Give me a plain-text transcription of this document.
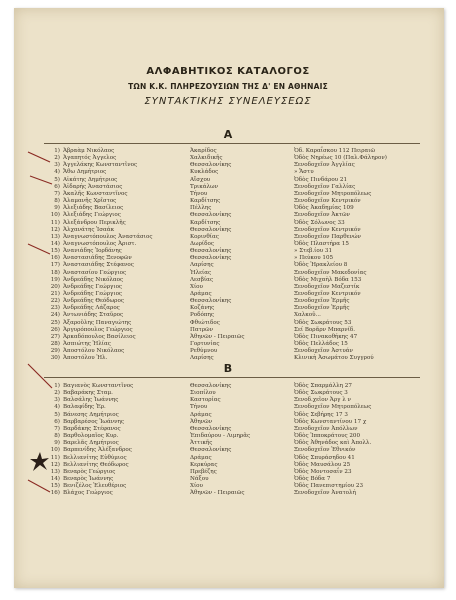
ΑΛΦΑΒΗΤΙΚΟΣ ΚΑΤΑΛΟΓΟΣ
ΤΩΝ Κ.Κ. ΠΛΗΡΕΖΟΥΣΙΩΝ ΤΗΣ Δ' ΕΝ ΑΘΗΝΑΙΣ
ΣΥΝΤΑΚΤΙΚΗΣ ΣΥΝΕΛΕΥΣΕΩΣ
Α
1) Ἀβραὰμ Νικόλαος	Ἀκαρίδος	Ὁδ. Καραΐσκου 112 Πειραιῶ
2) Ἀγαπητός Ἀγγελος	Χαλκιδικῆς	Ὁδὸς Νηρέως 10 (Παλ.Φάληρον)
3) Ἀγγελάκης Κωνσταντῖνος	Θεσσαλονίκης	Ξενοδοχεῖον Ἀγγλίας
4) Ἄθω Δημήτριος	Κυκλάδος	» Ἄστυ
5) Αἰκάτης Δημήτριος	Αἴσχου	Ὁδὸς Πινδάρου 21
6) Ἀϊδαρής Ἀναστάσιος	Τρικάλων	Ξενοδοχεῖον Γαλλίας
7) Ἀκαλῆς Κωνσταντῖνος	Τήνου	Ξενοδοχεῖον Μητροπόλεως
8) Ἀλαμανῆς Χρῖστος	Καρδίτσης	Ξενοδοχεῖον Κεντρικόν
9) Ἀλεξιάδης Βασίλειος	Πέλλης	Ὁδὸς Ἀκαδημίας 109
10) Ἀλεξιάδης Γεώργιος	Θεσσαλονίκης	Ξενοδοχεῖον Ἀκτῶν
11) Ἀλεξάνδρου Περικλῆς	Καρδίτσης	Ὁδὸς Σόλωνος 33
12) Ἀλχανάτης Ἰσαάκ	Θεσσαλονίκης	Ξενοδοχεῖον Κεντρικόν
13) Ἀναγνωστόπουλος Ἀναστάσιος	Κορινθίας	Ξενοδοχεῖον Παρθενών
14) Ἀναγνωστόπουλος Ἀριστ.	Δωρίδος	Ὁδὸς Πλαστήρα 15
15) Ἀνανιάδης Ἰορδάνης	Θεσσαλονίκης	» Στεβ.ίου 31
16) Ἀναστασιάδης Ξενοφῶν	Θεσσαλονίκης	» Πεύκου 105
17) Ἀναστασιάδης Στέφανος	Λαρίσης	Ὁδὸς Ἡρακλείου 8
18) Ἀναστασίου Γεώργιος	Ἠλείας	Ξενοδοχεῖον Μακεδονίας
19) Ἀνδρεάδης Νικόλαος	Λεσβίας	Ὁδὸς Μιχαὴλ Βόδα 153
20) Ἀνδρεάδης Γεώργιος	Χίου	Ξενοδοχεῖον Μαζεστίκ
21) Ἀνδρεάδης Γεώργιος	Δράμας	Ξενοδοχεῖον Κεντρικόν
22) Ἀνδρεάδης Θεόδωρος	Θεσσαλονίκης	Ξενοδοχεῖον Ἑρμῆς
23) Ἀνδρεάδης Λάζαρος	Κοζάνης	Ξενοδοχεῖον Ἑρμῆς
24) Ἀντωνιάδης Σταῦρος	Ροδόπης	Χαλκοῦ...
25) Ἀξαροῦλης Παναγιώτης	Φθιώτιδος	Ὁδὸς Σωκράτους 53
26) Ἀργυρόπουλος Γεώργιος	Πατρῶν	Σεί Βορᾶρν Μπαρνίδ.
27) Ἀρκαδόπουλος Βασίλειος	Ἀθηνῶν - Πειραιῶς	Ὁδὸς Πινακοθήκης 47
28) Ἀσπιώτης Ἠλίας	Γορτυνίας	Ὁδὸς Πελλάδος 15
29) Ἀποστόλου Νικόλαος	Ρεθύμνου	Ξενοδοχεῖον Ἀστυάν
30) Ἀποστόλου Ἠλ.	Λαρίσης	Κλινικὴ Ἀσωμάτου Συγγρού
Β
1) Βαγιανὸς Κωνσταντῖνος	Θεσσαλονίκης	Ὁδὸς Σπαρμάλλη 27
2) Βαβαράκης Σταμ.	Σιοπίλου	Ὁδὸς Σωκράτους 3
3) Βαλσάλης Ἰωάννης	Καστορίας	Ξενοδ.χεῖον Ἀργ λ ν
4) Βαλαφίδης Ἐρ.	Τήνου	Ξενοδοχεῖον Μητροπόλεως
5) Βάνεσης Δημήτριος	Δράμας	Ὁδὸς Σεβήρης 17 3
6) Βαρβαρέσος Ἰωάννης	Ἀθηνῶν	Ὁδὸς Κωνσταντίνου 17 χ
7) Βαρδάκης Στέφανος	Θεσσαλονίκης	Ξενοδοχεῖον Ἀπόλλων
8) Βαρθολομαῖος Κυρ.	Ἐπιδαύρου - Λιμηρᾶς	Ὁδὸς Ἱπποκράτους 200
9) Βαρελᾶς Δημήτριος	Ἀττικῆς	Ὁδὸς Ἀθηνάδος καὶ Ἀπολλ.
10) Βαρπενίδης Ἀλέξανδρος	Θεσσαλονίκης	Ξενοδοχεῖον Ἐθνικόν
11) Βελλιανίτης Εὐθύμιος	Δράμας	Ὁδὸς Σπυράσηδου 41
12) Βελλιανίτης Θεόδωρος	Κερκύρας	Ὁδὸς Μαυσάλου 25
13) Βεναρὸς Γεώργιος	Πρεβέζης	Ὁδὸς Μοντοσαΐν 23
14) Βεναρὸς Ἰωάννης	Νάξου	Ὁδὸς Βόδα 7
15) Βενιζέλος Ἐλευθέριος	Χίου	Ὁδὸς Πανεπιστημίου 23
16) Βλάχος Γεώργιος	Ἀθηνῶν - Πειραιῶς	Ξενοδοχεῖον Ἀνατολή
